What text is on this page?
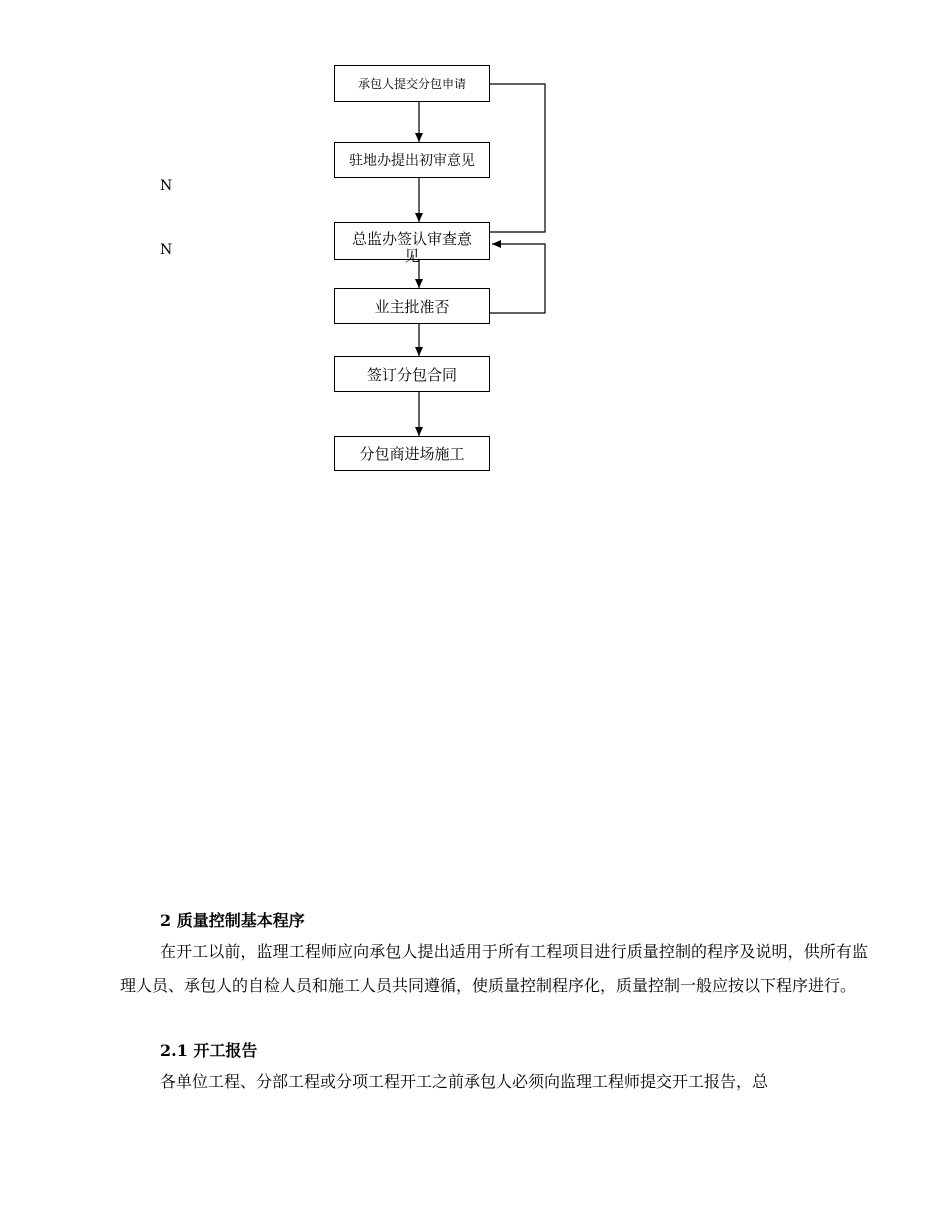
承包人提交分包申请
驻地办提出初审意见
总监办签认审查意见
业主批准否
签订分包合同
分包商进场施工
N
N
2 质量控制基本程序

在开工以前，监理工程师应向承包人提出适用于所有工程项目进行质量控制的程序及说明，供所有监理人员、承包人的自检人员和施工人员共同遵循，使质量控制程序化，质量控制一般应按以下程序进行。

2.1 开工报告

各单位工程、分部工程或分项工程开工之前承包人必须向监理工程师提交开工报告，总
